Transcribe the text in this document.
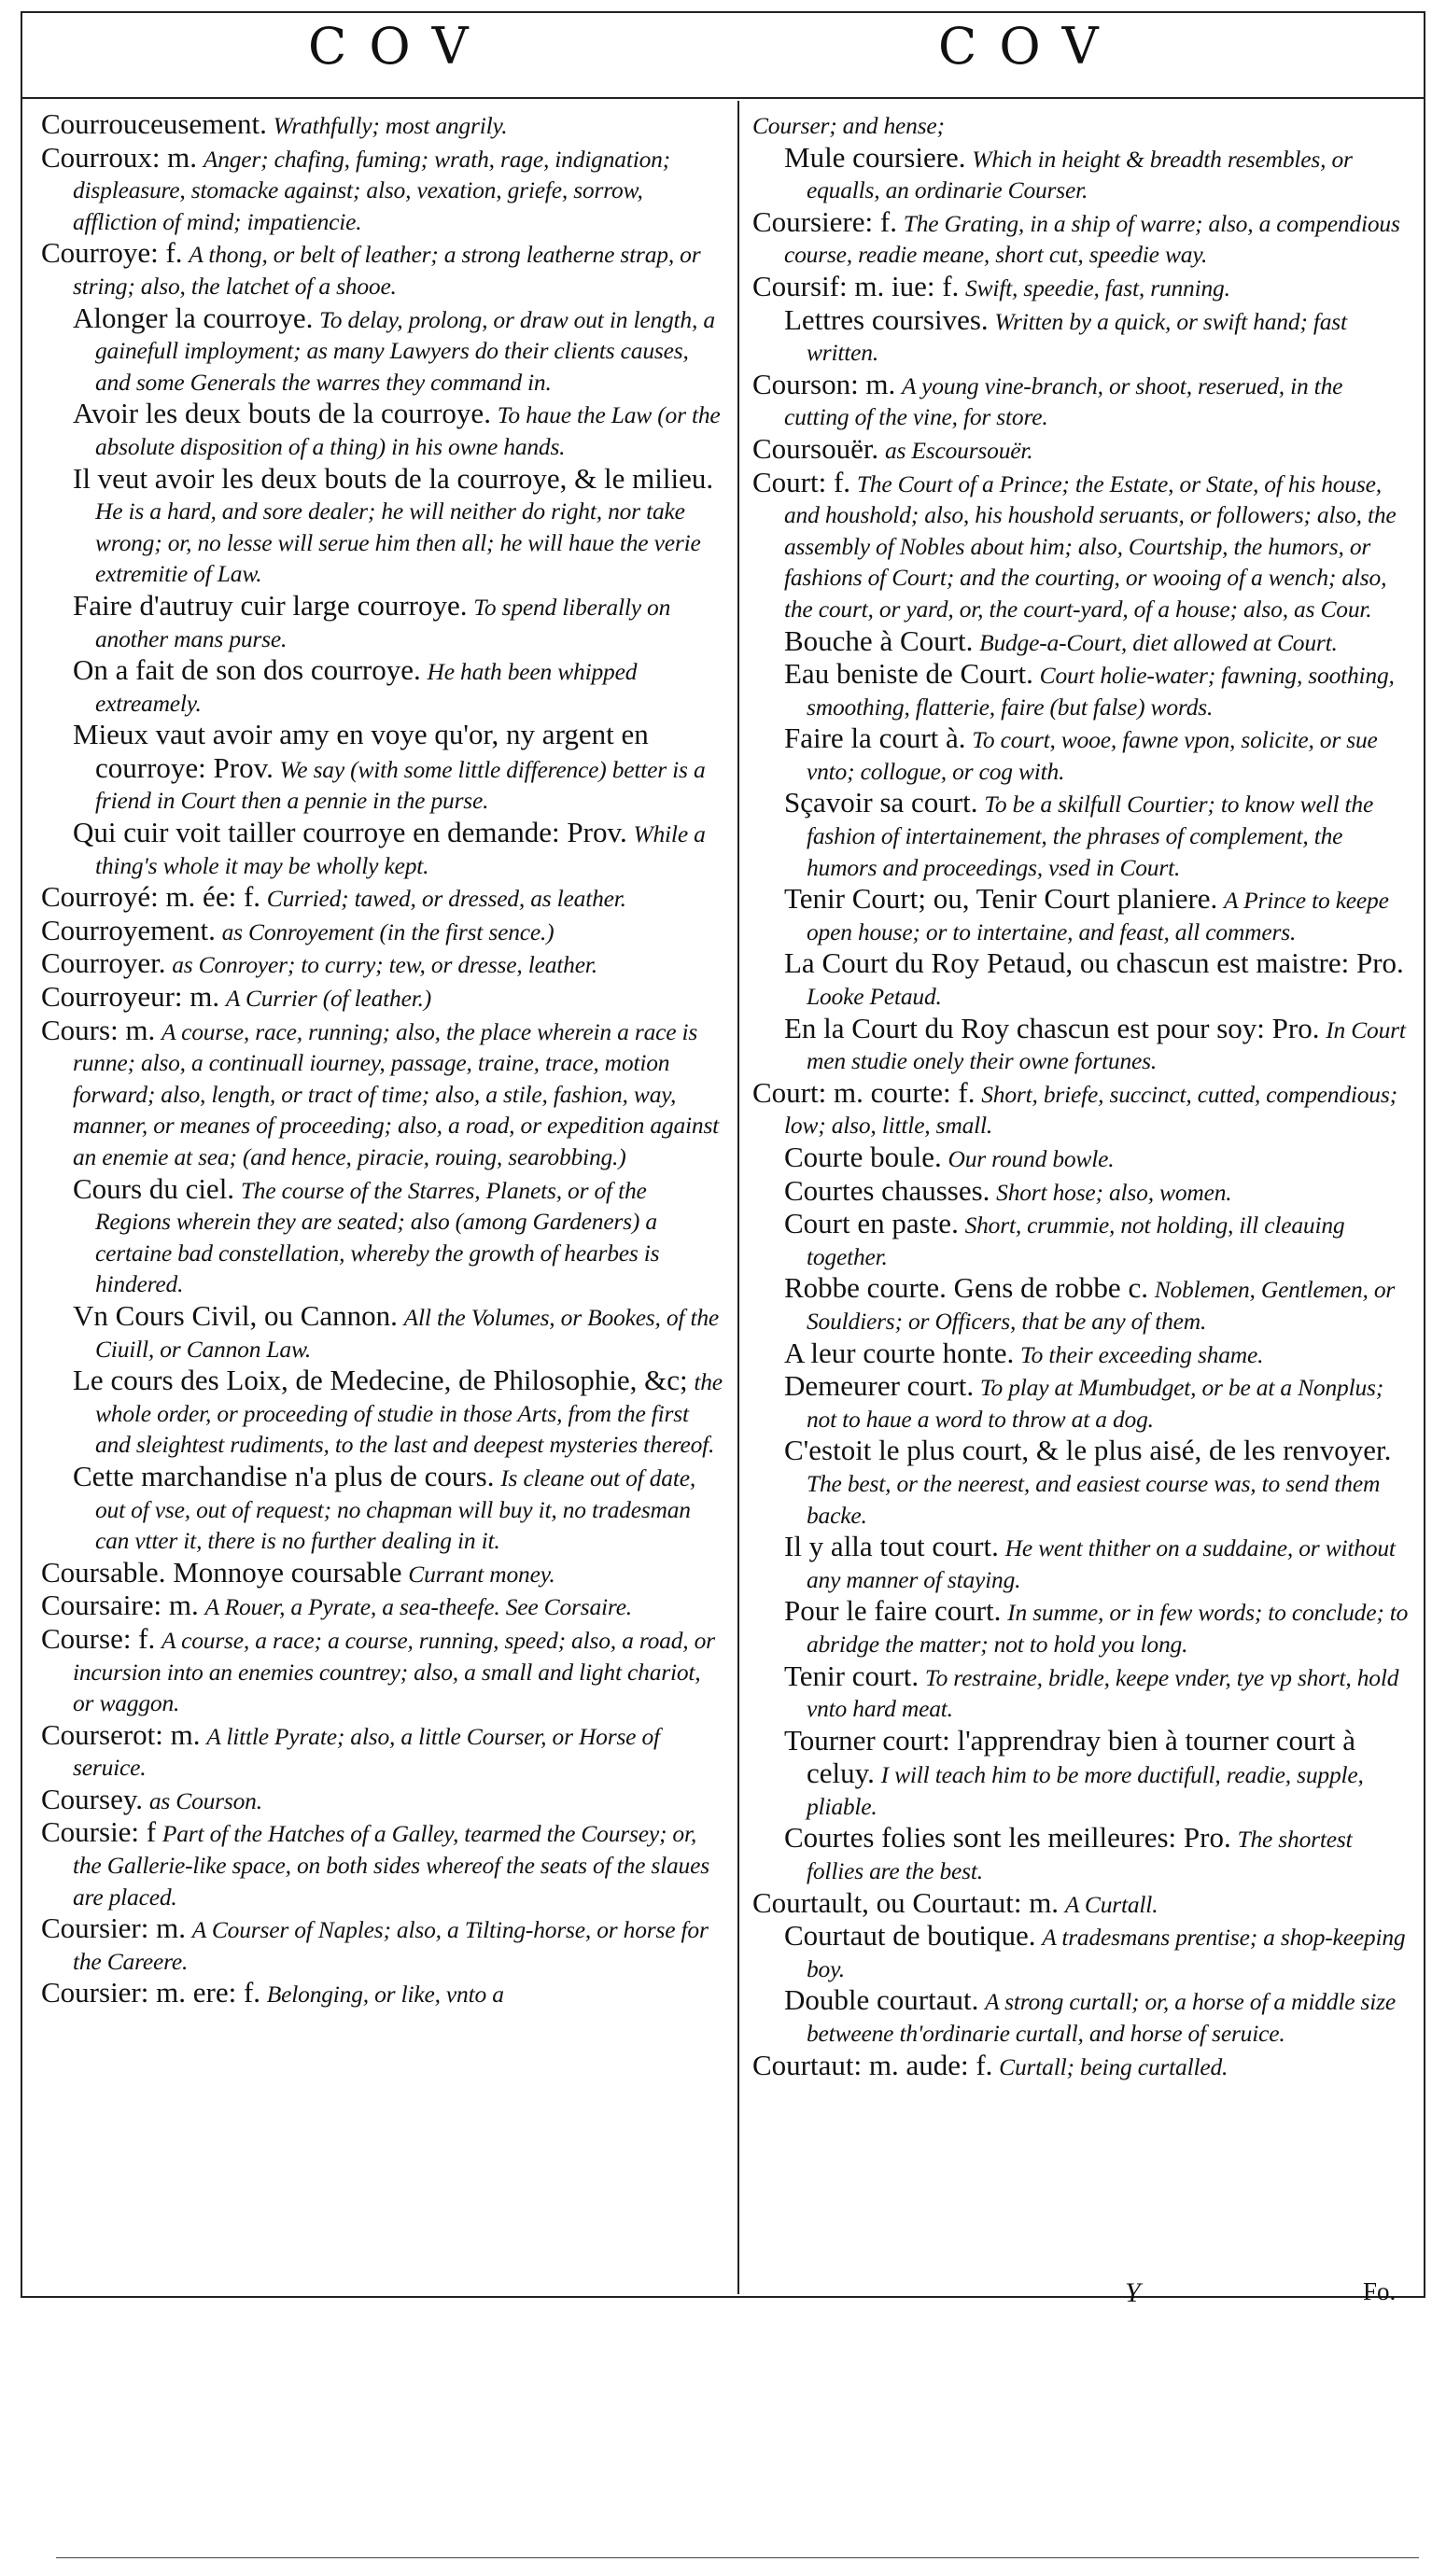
COV	COV

Courrouceusement. Wrathfully; most angrily.

Courroux: m. Anger; chafing, fuming; wrath, rage, indignation; displeasure, stomacke against; also, vexation, griefe, sorrow, affliction of mind; impatiencie.

Courroye: f. A thong, or belt of leather; a strong leatherne strap, or string; also, the latchet of a shooe.

Alonger la courroye. To delay, prolong, or draw out in length, a gainefull imployment; as many Lawyers do their clients causes, and some Generals the warres they command in.

Avoir les deux bouts de la courroye. To haue the Law (or the absolute disposition of a thing) in his owne hands.

Il veut avoir les deux bouts de la courroye, & le milieu. He is a hard, and sore dealer; he will neither do right, nor take wrong; or, no lesse will serue him then all; he will haue the verie extremitie of Law.

Faire d'autruy cuir large courroye. To spend liberally on another mans purse.

On a fait de son dos courroye. He hath been whipped extreamely.

Mieux vaut avoir amy en voye qu'or, ny argent en courroye: Prov. We say (with some little difference) better is a friend in Court then a pennie in the purse.

Qui cuir voit tailler courroye en demande: Prov. While a thing's whole it may be wholly kept.

Courroyé: m. ée: f. Curried; tawed, or dressed, as leather.

Courroyement. as Conroyement (in the first sence.)

Courroyer. as Conroyer; to curry; tew, or dresse, leather.

Courroyeur: m. A Currier (of leather.)

Cours: m. A course, race, running; also, the place wherein a race is runne; also, a continuall iourney, passage, traine, trace, motion forward; also, length, or tract of time; also, a stile, fashion, way, manner, or meanes of proceeding; also, a road, or expedition against an enemie at sea; (and hence, piracie, rouing, searobbing.)

Cours du ciel. The course of the Starres, Planets, or of the Regions wherein they are seated; also (among Gardeners) a certaine bad constellation, whereby the growth of hearbes is hindered.

Vn Cours Civil, ou Cannon. All the Volumes, or Bookes, of the Ciuill, or Cannon Law.

Le cours des Loix, de Medecine, de Philosophie, &c; the whole order, or proceeding of studie in those Arts, from the first and sleightest rudiments, to the last and deepest mysteries thereof.

Cette marchandise n'a plus de cours. Is cleane out of date, out of vse, out of request; no chapman will buy it, no tradesman can vtter it, there is no further dealing in it.

Coursable. Monnoye coursable Currant money.

Coursaire: m. A Rouer, a Pyrate, a sea-theefe. See Corsaire.

Course: f. A course, a race; a course, running, speed; also, a road, or incursion into an enemies countrey; also, a small and light chariot, or waggon.

Courserot: m. A little Pyrate; also, a little Courser, or Horse of seruice.

Coursey. as Courson.

Coursie: f Part of the Hatches of a Galley, tearmed the Coursey; or, the Gallerie-like space, on both sides whereof the seats of the slaues are placed.

Coursier: m. A Courser of Naples; also, a Tilting-horse, or horse for the Careere.

Coursier: m. ere: f. Belonging, or like, vnto a

Courser; and hense;

Mule coursiere. Which in height & breadth resembles, or equalls, an ordinarie Courser.

Coursiere: f. The Grating, in a ship of warre; also, a compendious course, readie meane, short cut, speedie way.

Coursif: m. iue: f. Swift, speedie, fast, running.

Lettres coursives. Written by a quick, or swift hand; fast written.

Courson: m. A young vine-branch, or shoot, reserued, in the cutting of the vine, for store.

Coursouër. as Escoursouër.

Court: f. The Court of a Prince; the Estate, or State, of his house, and houshold; also, his houshold seruants, or followers; also, the assembly of Nobles about him; also, Courtship, the humors, or fashions of Court; and the courting, or wooing of a wench; also, the court, or yard, or, the court-yard, of a house; also, as Cour.

Bouche à Court. Budge-a-Court, diet allowed at Court.

Eau beniste de Court. Court holie-water; fawning, soothing, smoothing, flatterie, faire (but false) words.

Faire la court à. To court, wooe, fawne vpon, solicite, or sue vnto; collogue, or cog with.

Sçavoir sa court. To be a skilfull Courtier; to know well the fashion of intertainement, the phrases of complement, the humors and proceedings, vsed in Court.

Tenir Court; ou, Tenir Court planiere. A Prince to keepe open house; or to intertaine, and feast, all commers.

La Court du Roy Petaud, ou chascun est maistre: Pro. Looke Petaud.

En la Court du Roy chascun est pour soy: Pro. In Court men studie onely their owne fortunes.

Court: m. courte: f. Short, briefe, succinct, cutted, compendious; low; also, little, small.

Courte boule. Our round bowle.

Courtes chausses. Short hose; also, women.

Court en paste. Short, crummie, not holding, ill cleauing together.

Robbe courte. Gens de robbe c. Noblemen, Gentlemen, or Souldiers; or Officers, that be any of them.

A leur courte honte. To their exceeding shame.

Demeurer court. To play at Mumbudget, or be at a Nonplus; not to haue a word to throw at a dog.

C'estoit le plus court, & le plus aisé, de les renvoyer. The best, or the neerest, and easiest course was, to send them backe.

Il y alla tout court. He went thither on a suddaine, or without any manner of staying.

Pour le faire court. In summe, or in few words; to conclude; to abridge the matter; not to hold you long.

Tenir court. To restraine, bridle, keepe vnder, tye vp short, hold vnto hard meat.

Tourner court: l'apprendray bien à tourner court à celuy. I will teach him to be more ductifull, readie, supple, pliable.

Courtes folies sont les meilleures: Pro. The shortest follies are the best.

Courtault, ou Courtaut: m. A Curtall.

Courtaut de boutique. A tradesmans prentise; a shop-keeping boy.

Double courtaut. A strong curtall; or, a horse of a middle size betweene th'ordinarie curtall, and horse of seruice.

Courtaut: m. aude: f. Curtall; being curtalled.

Y	Fo.
